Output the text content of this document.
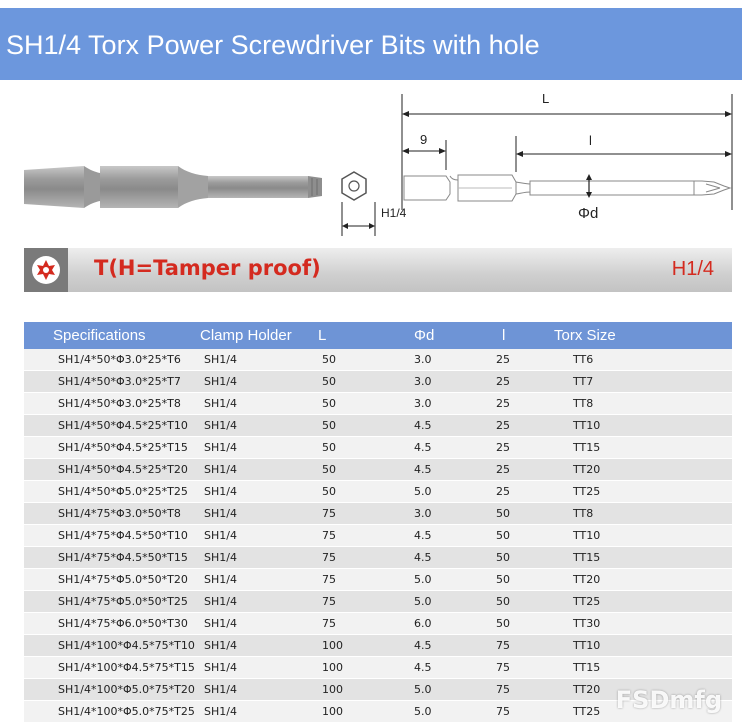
SH1/4 Torx Power Screwdriver Bits with hole
H1/4
L
9	l
Φd
T(H=Tamper proof)	H1/4
Specifications	Clamp Holder	L	Φd	l	Torx Size
SH1/4*50*Φ3.0*25*T6	SH1/4	50	3.0	25	TT6
SH1/4*50*Φ3.0*25*T7	SH1/4	50	3.0	25	TT7
SH1/4*50*Φ3.0*25*T8	SH1/4	50	3.0	25	TT8
SH1/4*50*Φ4.5*25*T10	SH1/4	50	4.5	25	TT10
SH1/4*50*Φ4.5*25*T15	SH1/4	50	4.5	25	TT15
SH1/4*50*Φ4.5*25*T20	SH1/4	50	4.5	25	TT20
SH1/4*50*Φ5.0*25*T25	SH1/4	50	5.0	25	TT25
SH1/4*75*Φ3.0*50*T8	SH1/4	75	3.0	50	TT8
SH1/4*75*Φ4.5*50*T10	SH1/4	75	4.5	50	TT10
SH1/4*75*Φ4.5*50*T15	SH1/4	75	4.5	50	TT15
SH1/4*75*Φ5.0*50*T20	SH1/4	75	5.0	50	TT20
SH1/4*75*Φ5.0*50*T25	SH1/4	75	5.0	50	TT25
SH1/4*75*Φ6.0*50*T30	SH1/4	75	6.0	50	TT30
SH1/4*100*Φ4.5*75*T10	SH1/4	100	4.5	75	TT10
SH1/4*100*Φ4.5*75*T15	SH1/4	100	4.5	75	TT15
SH1/4*100*Φ5.0*75*T20	SH1/4	100	5.0	75	TT20
SH1/4*100*Φ5.0*75*T25	SH1/4	100	5.0	75	TT25 FSDmfg
